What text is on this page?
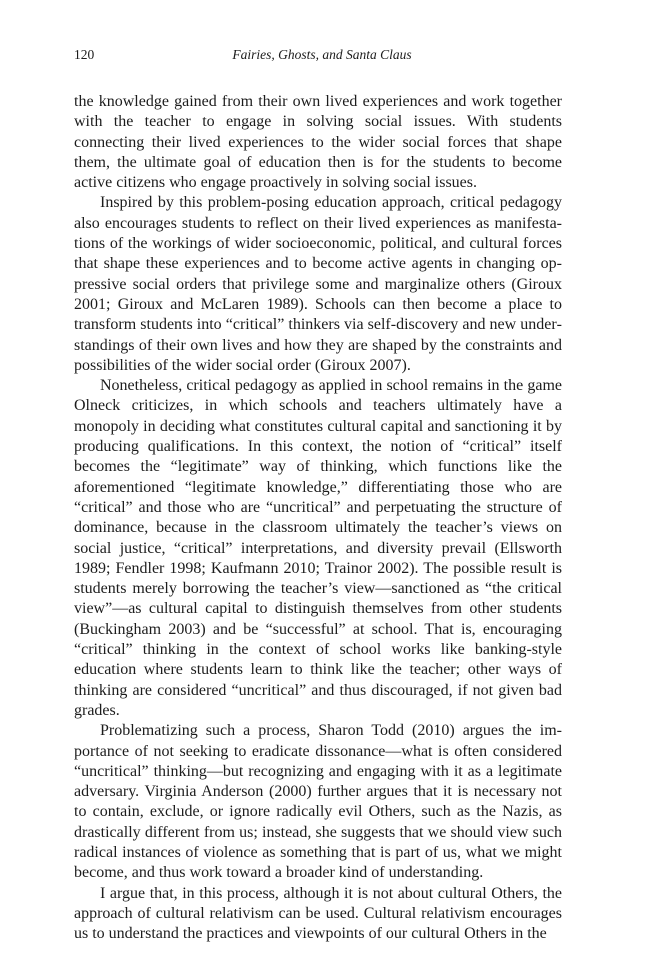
120	Fairies, Ghosts, and Santa Claus

the knowledge gained from their own lived experiences and work together with the teacher to engage in solving social issues. With students connecting their lived experiences to the wider social forces that shape them, the ultimate goal of education then is for the students to become active citizens who engage proactively in solving social issues.

Inspired by this problem-posing education approach, critical pedagogy also encourages students to reflect on their lived experiences as manifestations of the workings of wider socioeconomic, political, and cultural forces that shape these experiences and to become active agents in changing oppressive social orders that privilege some and marginalize others (Giroux 2001; Giroux and McLaren 1989). Schools can then become a place to transform students into “critical” thinkers via self-discovery and new understandings of their own lives and how they are shaped by the constraints and possibilities of the wider social order (Giroux 2007).

Nonetheless, critical pedagogy as applied in school remains in the game Olneck criticizes, in which schools and teachers ultimately have a monopoly in deciding what constitutes cultural capital and sanctioning it by producing qualifications. In this context, the notion of “critical” itself becomes the “legitimate” way of thinking, which functions like the aforementioned “legitimate knowledge,” differentiating those who are “critical” and those who are “uncritical” and perpetuating the structure of dominance, because in the classroom ultimately the teacher’s views on social justice, “critical” interpretations, and diversity prevail (Ellsworth 1989; Fendler 1998; Kaufmann 2010; Trainor 2002). The possible result is students merely borrowing the teacher’s view—sanctioned as “the critical view”—as cultural capital to distinguish themselves from other students (Buckingham 2003) and be “successful” at school. That is, encouraging “critical” thinking in the context of school works like banking-style education where students learn to think like the teacher; other ways of thinking are considered “uncritical” and thus discouraged, if not given bad grades.

Problematizing such a process, Sharon Todd (2010) argues the importance of not seeking to eradicate dissonance—what is often considered “uncritical” thinking—but recognizing and engaging with it as a legitimate adversary. Virginia Anderson (2000) further argues that it is necessary not to contain, exclude, or ignore radically evil Others, such as the Nazis, as drastically different from us; instead, she suggests that we should view such radical instances of violence as something that is part of us, what we might become, and thus work toward a broader kind of understanding.

I argue that, in this process, although it is not about cultural Others, the approach of cultural relativism can be used. Cultural relativism encourages us to understand the practices and viewpoints of our cultural Others in the
